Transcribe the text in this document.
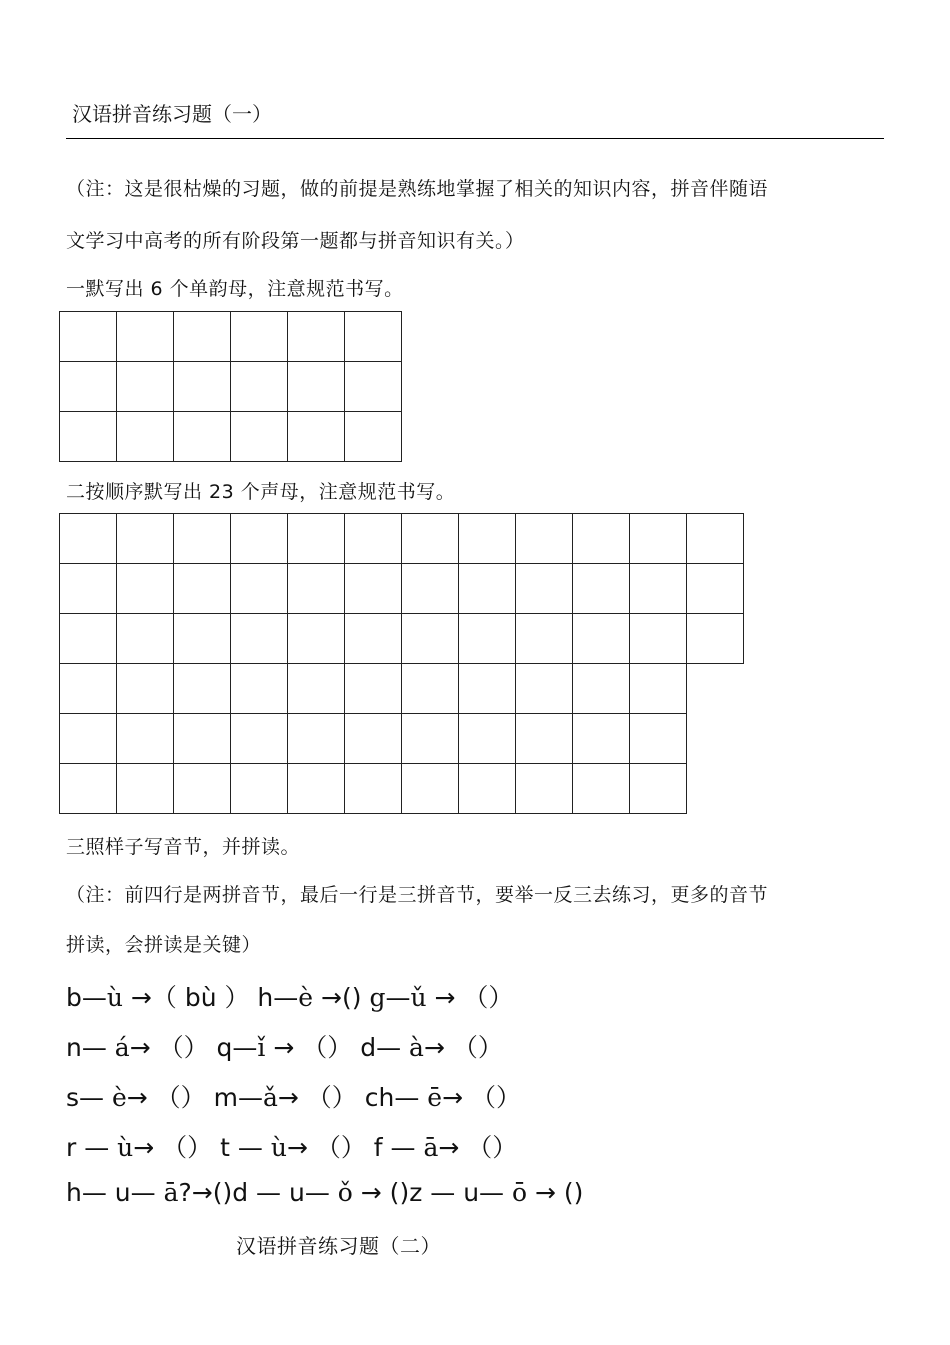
汉语拼音练习题（一）
（注：这是很枯燥的习题，做的前提是熟练地掌握了相关的知识内容，拼音伴随语
文学习中高考的所有阶段第一题都与拼音知识有关。）
一默写出 6 个单韵母，注意规范书写。

二按顺序默写出 23 个声母，注意规范书写。

三照样子写音节，并拼读。
（注：前四行是两拼音节，最后一行是三拼音节，要举一反三去练习，更多的音节
拼读，会拼读是关键）
b—ù →（ bù ） h—è →() g—ǔ → （）
n— á→ （） q—ǐ → （） d— à→ （）
s— è→ （） m—ǎ→ （） ch— ē→ （）
r — ù→ （） t — ù→ （） f — ā→ （）
h— u— ā?→()d — u— ǒ → ()z — u— ō → ()
汉语拼音练习题（二）
